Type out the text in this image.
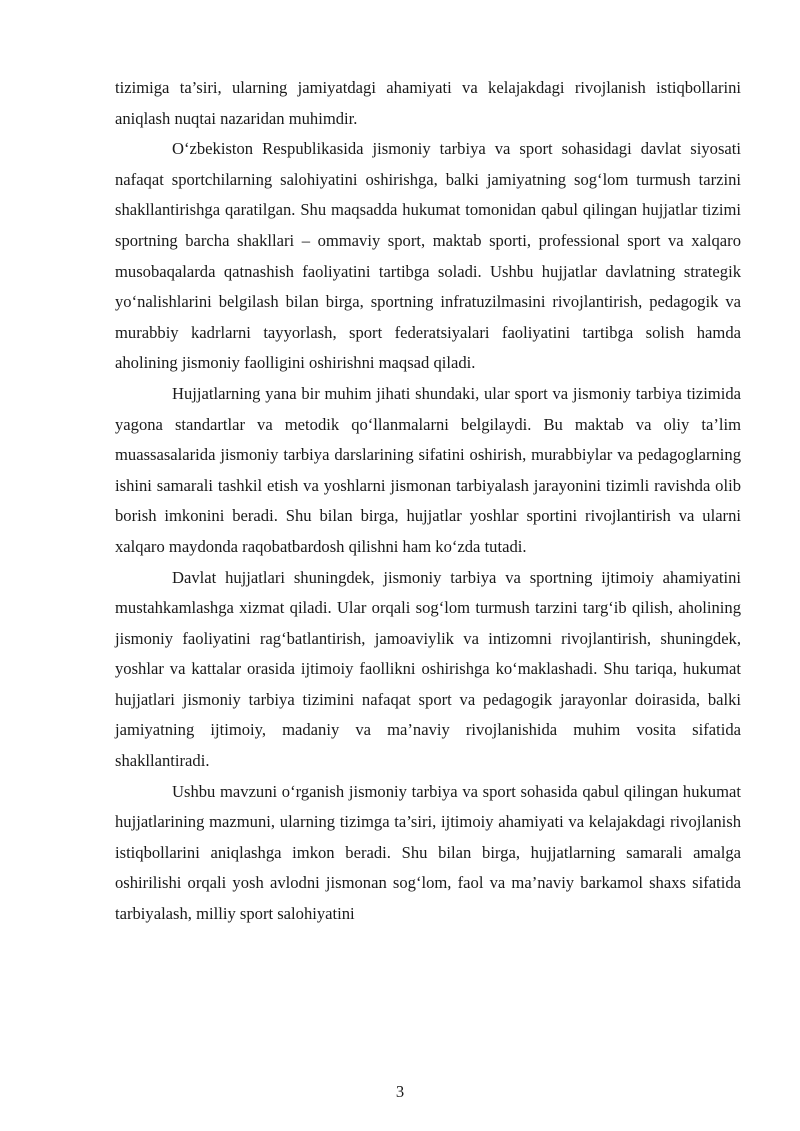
tizimiga ta’siri, ularning jamiyatdagi ahamiyati va kelajakdagi rivojlanish istiqbollarini aniqlash nuqtai nazaridan muhimdir.

O‘zbekiston Respublikasida jismoniy tarbiya va sport sohasidagi davlat siyosati nafaqat sportchilarning salohiyatini oshirishga, balki jamiyatning sog‘lom turmush tarzini shakllantirishga qaratilgan. Shu maqsadda hukumat tomonidan qabul qilingan hujjatlar tizimi sportning barcha shakllari – ommaviy sport, maktab sporti, professional sport va xalqaro musobaqalarda qatnashish faoliyatini tartibga soladi. Ushbu hujjatlar davlatning strategik yo‘nalishlarini belgilash bilan birga, sportning infratuzilmasini rivojlantirish, pedagogik va murabbiy kadrlarni tayyorlash, sport federatsiyalari faoliyatini tartibga solish hamda aholining jismoniy faolligini oshirishni maqsad qiladi.

Hujjatlarning yana bir muhim jihati shundaki, ular sport va jismoniy tarbiya tizimida yagona standartlar va metodik qo‘llanmalarni belgilaydi. Bu maktab va oliy ta’lim muassasalarida jismoniy tarbiya darslarining sifatini oshirish, murabbiylar va pedagoglarning ishini samarali tashkil etish va yoshlarni jismonan tarbiyalash jarayonini tizimli ravishda olib borish imkonini beradi. Shu bilan birga, hujjatlar yoshlar sportini rivojlantirish va ularni xalqaro maydonda raqobatbardosh qilishni ham ko‘zda tutadi.

Davlat hujjatlari shuningdek, jismoniy tarbiya va sportning ijtimoiy ahamiyatini mustahkamlashga xizmat qiladi. Ular orqali sog‘lom turmush tarzini targ‘ib qilish, aholining jismoniy faoliyatini rag‘batlantirish, jamoaviylik va intizomni rivojlantirish, shuningdek, yoshlar va kattalar orasida ijtimoiy faollikni oshirishga ko‘maklashadi. Shu tariqa, hukumat hujjatlari jismoniy tarbiya tizimini nafaqat sport va pedagogik jarayonlar doirasida, balki jamiyatning ijtimoiy, madaniy va ma’naviy rivojlanishida muhim vosita sifatida shakllantiradi.

Ushbu mavzuni o‘rganish jismoniy tarbiya va sport sohasida qabul qilingan hukumat hujjatlarining mazmuni, ularning tizimga ta’siri, ijtimoiy ahamiyati va kelajakdagi rivojlanish istiqbollarini aniqlashga imkon beradi. Shu bilan birga, hujjatlarning samarali amalga oshirilishi orqali yosh avlodni jismonan sog‘lom, faol va ma’naviy barkamol shaxs sifatida tarbiyalash, milliy sport salohiyatini

3
